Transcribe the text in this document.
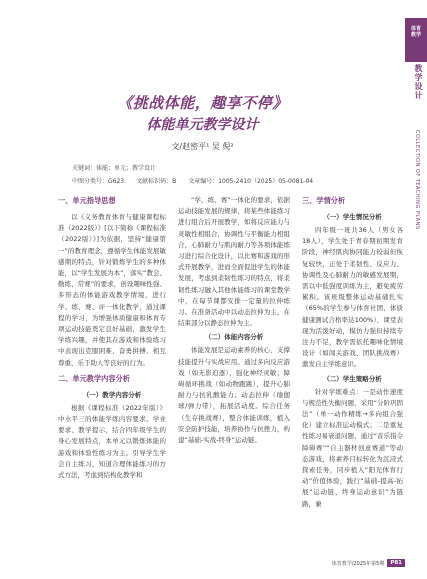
体育教学
教学设计
COLLECTION OF TEACHING PLANS
《挑战体能，趣享不停》
体能单元教学设计
文/赵密平¹ 吴 倪²
关键词：体能；单元；教学设计
中图分类号：G623 文献标识码：B 文章编号：1005-2410（2025）05-0081-04
一、单元指导思想
以《义务教育体育与健康课程标准（2022版）》[以下简称《课程标准（2022版）》]为依据，坚持“健康第一”的教育理念，遵循学生体能发展敏感期的特点，针对锻炼学生的多种体能，以“学生发展为本”，落实“教会、勤练、常赛”的要求，创设趣味性强、多形态的体能游戏教学情境，进行学、练、赛、评一体化教学，通过课程的学习，为增强体质健康和体育专项运动技能奠定良好基础，激发学生学练兴趣，并使其在游戏和体验练习中表现出克服困难、奋勇拼搏、相互尊重、乐于助人等良好的行为。
二、单元教学内容分析
（一）教学内容分析
根据《课程标准（2022年版）》中水平三的体能学练内容要求、学业要求、教学提示，结合四年级学生的身心发展特点，本单元以锻炼体能的游戏和体验性练习为主。引导学生学会自主练习，知道合理体能练习的方式方法，考虑到结构化教学和
“学、练、赛”一体化的要求，依据运动技能发展的规律，将某些体能练习进行组合后开展教学，如将反应能力与灵敏性相组合，协调性与平衡能力相组合，心肺耐力与肌肉耐力等各项体能练习进行综合化设计，以比赛和游戏的形式开展教学，进而全面促进学生的体能发展，考虑到柔韧性练习的特点，将柔韧性练习融入其他体能练习的课堂教学中，在每节课都安排一定量的拉伸练习。在准备活动中以动态拉伸为主，在结束部分以静态拉伸为主。
（二）体能内容分析
体能发展是运动素养的核心，支撑技能提升与实战应用。通过多向反应游戏（如无影追逐），强化神经灵敏；障碍循环挑战（如动物跑跳），提升心肺耐力与抗乳酸能力；动态拉伸（瑜伽球/弹力带），拓展活动度。综合任务（生存挑战赛），整合体能训练，植入安全防护技能，培养协作与抗挫力，构建“基础-实战-终身”运动链。
三、学情分析
（一）学生情况分析
四年级一班共36人（男女各18人），学生处于青春期初期发育阶段，神经肌肉协同能力较弱但恢复较快，正处于柔韧性、反应力、协调性及心肺耐力的敏感发展期，需以中低强度训练为主，避免疲劳累积。该班级整体运动基础扎实（65%的学生参与体育社团、体质健康测试合格率达100%），课堂表现为活泼好动，模仿力强但持续专注力不足，教学需依托趣味化情境设计（如闯关游戏、团队挑战赛）激发自主学练意识。
（二）学生策略分析
针对学练难点：一是动作速度与规范性失衡问题，采用“分阶巩固法”（单一动作精练→多向组合强化）建立标准运动模式；二是重复性练习易衰退问题，通过“音乐指令障碍赛”“自主器材创意赛道”等动态游戏，将素养目标转化为沉浸式探索任务，同步植入“阳光体育行动”价值体验，践行“基础-提高-拓展”运动链、终身运动意识”为链路，兼
体育教学/2025年第5期	P81
